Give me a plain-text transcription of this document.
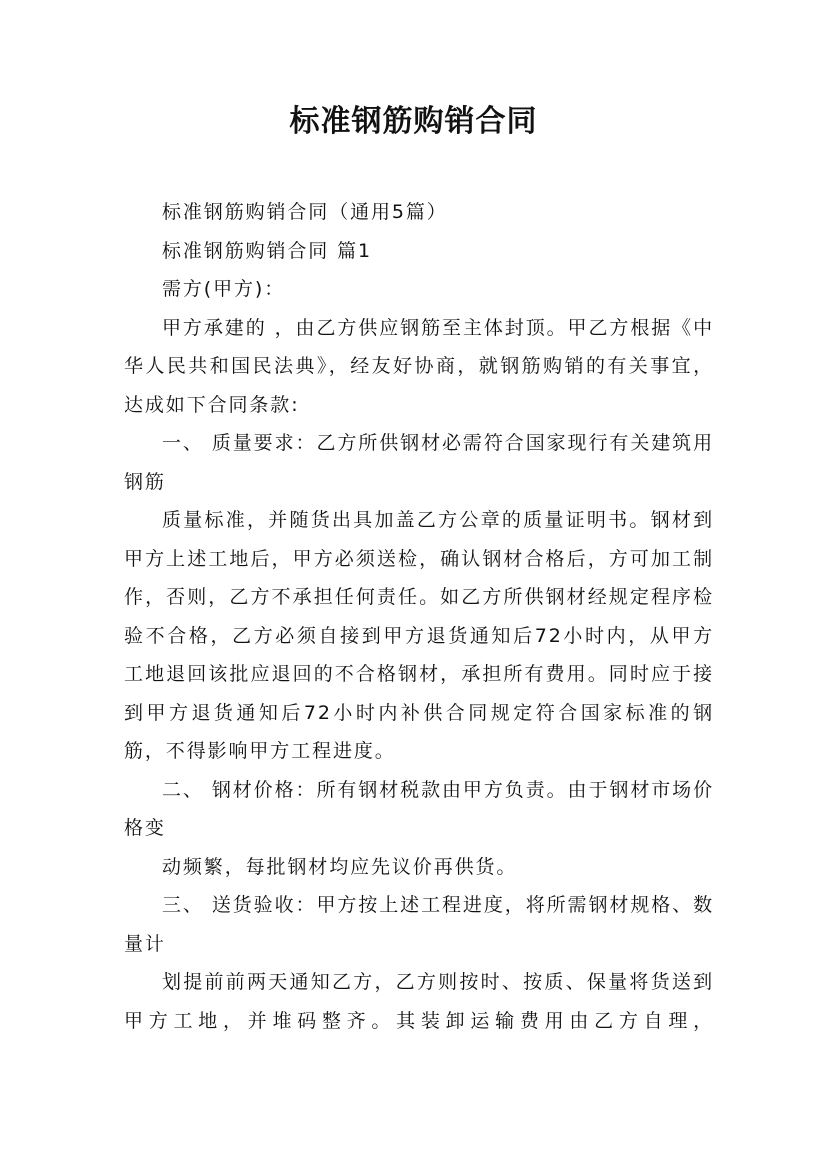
标准钢筋购销合同

标准钢筋购销合同（通用5篇）

标准钢筋购销合同 篇1

需方(甲方)：

甲方承建的 ，由乙方供应钢筋至主体封顶。甲乙方根据《中华人民共和国民法典》，经友好协商，就钢筋购销的有关事宜，达成如下合同条款:

一、 质量要求：乙方所供钢材必需符合国家现行有关建筑用钢筋

质量标准，并随货出具加盖乙方公章的质量证明书。钢材到甲方上述工地后，甲方必须送检，确认钢材合格后，方可加工制作，否则，乙方不承担任何责任。如乙方所供钢材经规定程序检验不合格，乙方必须自接到甲方退货通知后72小时内，从甲方工地退回该批应退回的不合格钢材，承担所有费用。同时应于接到甲方退货通知后72小时内补供合同规定符合国家标准的钢筋，不得影响甲方工程进度。

二、 钢材价格：所有钢材税款由甲方负责。由于钢材市场价格变

动频繁，每批钢材均应先议价再供货。

三、 送货验收：甲方按上述工程进度，将所需钢材规格、数量计

划提前前两天通知乙方，乙方则按时、按质、保量将货送到甲方工地，并堆码整齐。其装卸运输费用由乙方自理，
